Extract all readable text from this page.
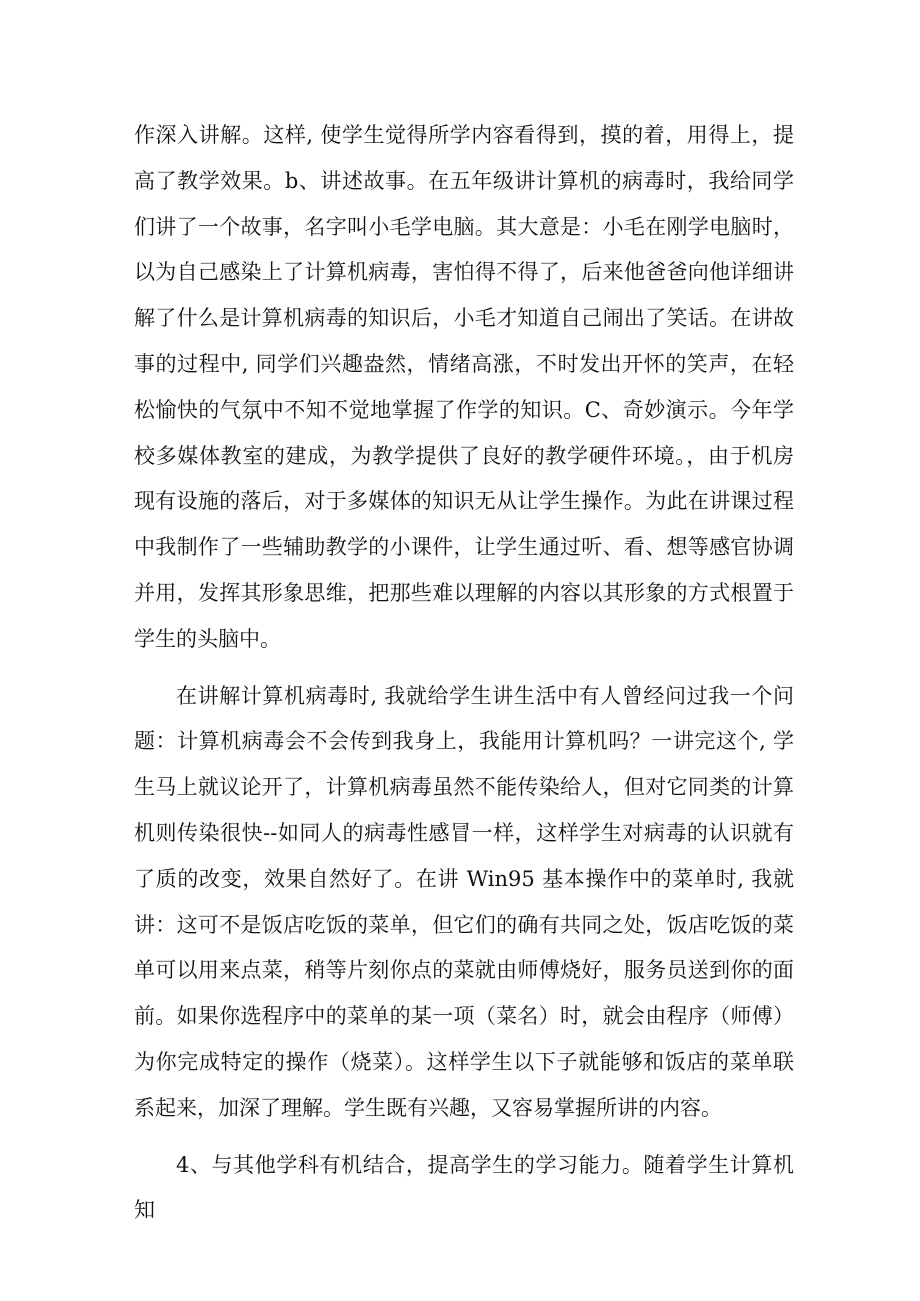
作深入讲解。这样, 使学生觉得所学内容看得到，摸的着，用得上，提高了教学效果。b、讲述故事。在五年级讲计算机的病毒时，我给同学们讲了一个故事，名字叫小毛学电脑。其大意是：小毛在刚学电脑时，以为自己感染上了计算机病毒，害怕得不得了，后来他爸爸向他详细讲解了什么是计算机病毒的知识后，小毛才知道自己闹出了笑话。在讲故事的过程中, 同学们兴趣盎然，情绪高涨，不时发出开怀的笑声，在轻松愉快的气氛中不知不觉地掌握了作学的知识。C、奇妙演示。今年学校多媒体教室的建成，为教学提供了良好的教学硬件环境。，由于机房现有设施的落后，对于多媒体的知识无从让学生操作。为此在讲课过程中我制作了一些辅助教学的小课件，让学生通过听、看、想等感官协调并用，发挥其形象思维，把那些难以理解的内容以其形象的方式根置于学生的头脑中。

在讲解计算机病毒时, 我就给学生讲生活中有人曾经问过我一个问题：计算机病毒会不会传到我身上，我能用计算机吗？一讲完这个, 学生马上就议论开了，计算机病毒虽然不能传染给人，但对它同类的计算机则传染很快--如同人的病毒性感冒一样，这样学生对病毒的认识就有了质的改变，效果自然好了。在讲 Win95 基本操作中的菜单时, 我就讲：这可不是饭店吃饭的菜单，但它们的确有共同之处，饭店吃饭的菜单可以用来点菜，稍等片刻你点的菜就由师傅烧好，服务员送到你的面前。如果你选程序中的菜单的某一项（菜名）时，就会由程序（师傅）为你完成特定的操作（烧菜）。这样学生以下子就能够和饭店的菜单联系起来，加深了理解。学生既有兴趣，又容易掌握所讲的内容。

4、与其他学科有机结合，提高学生的学习能力。随着学生计算机知
